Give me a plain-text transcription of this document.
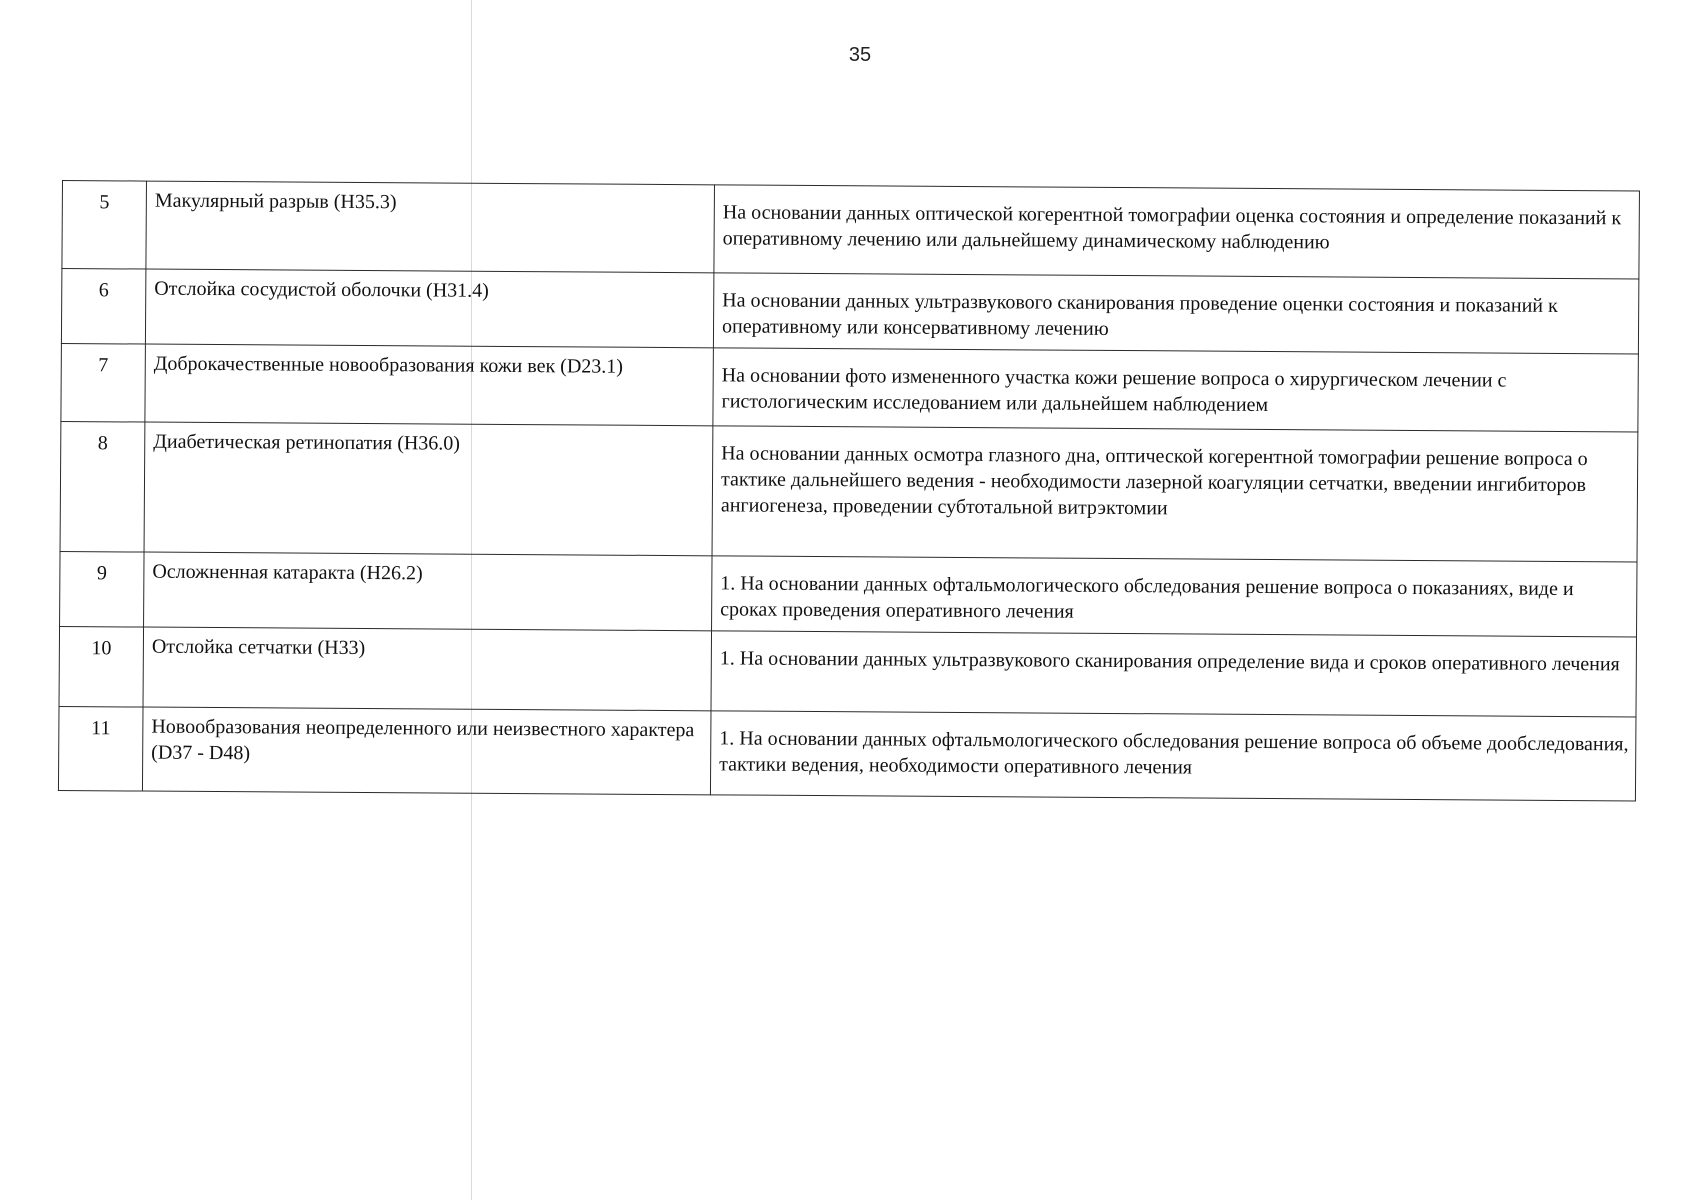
35
5	Макулярный разрыв (H35.3)	На основании данных оптической когерентной томографии оценка состояния и определение показаний к оперативному лечению или дальнейшему динамическому наблюдению
6	Отслойка сосудистой оболочки (H31.4)	На основании данных ультразвукового сканирования проведение оценки состояния и показаний к оперативному или консервативному лечению
7	Доброкачественные новообразования кожи век (D23.1)	На основании фото измененного участка кожи решение вопроса о хирургическом лечении с гистологическим исследованием или дальнейшем наблюдением
8	Диабетическая ретинопатия (H36.0)	На основании данных осмотра глазного дна, оптической когерентной томографии решение вопроса о тактике дальнейшего ведения - необходимости лазерной коагуляции сетчатки, введении ингибиторов ангиогенеза, проведении субтотальной витрэктомии
9	Осложненная катаракта (H26.2)	1. На основании данных офтальмологического обследования решение вопроса о показаниях, виде и сроках проведения оперативного лечения
10	Отслойка сетчатки (H33)	1. На основании данных ультразвукового сканирования определение вида и сроков оперативного лечения
11	Новообразования неопределенного или неизвестного характера (D37 - D48)	1. На основании данных офтальмологического обследования решение вопроса об объеме дообследования, тактики ведения, необходимости оперативного лечения
